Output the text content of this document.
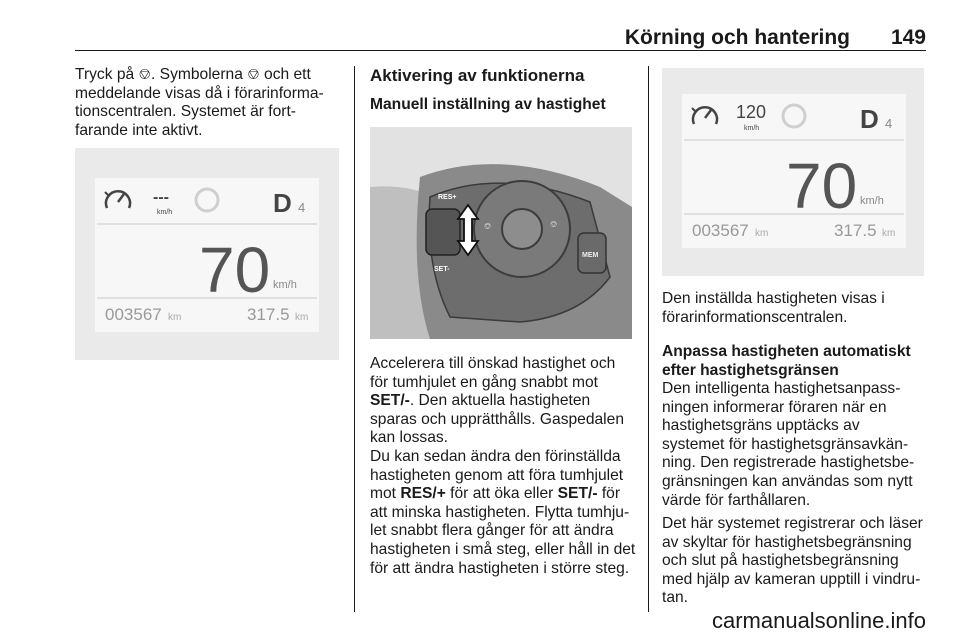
Körning och hantering 149
Tryck på ⎊. Symbolerna ⎊ och ett
meddelande visas då i förarinforma-
tionscentralen. Systemet är fort-
farande inte aktivt.
---
km/h	D 4
70 km/h
003567 km	317.5 km
Aktivering av funktionerna
Manuell inställning av hastighet
RES+
SET-
MEM
⎊	⎊
Accelerera till önskad hastighet och
för tumhjulet en gång snabbt mot
SET/-. Den aktuella hastigheten
sparas och upprätthålls. Gaspedalen
kan lossas.
Du kan sedan ändra den förinställda
hastigheten genom att föra tumhjulet
mot RES/+ för att öka eller SET/- för
att minska hastigheten. Flytta tumhju-
let snabbt flera gånger för att ändra
hastigheten i små steg, eller håll in det
för att ändra hastigheten i större steg.
120
km/h	D 4
70 km/h
003567 km	317.5 km
Den inställda hastigheten visas i
förarinformationscentralen.
Anpassa hastigheten automatiskt
efter hastighetsgränsen
Den intelligenta hastighetsanpass-
ningen informerar föraren när en
hastighetsgräns upptäcks av
systemet för hastighetsgränsavkän-
ning. Den registrerade hastighetsbe-
gränsningen kan användas som nytt
värde för farthållaren.
Det här systemet registrerar och läser
av skyltar för hastighetsbegränsning
och slut på hastighetsbegränsning
med hjälp av kameran upptill i vindru-
tan.
carmanualsonline.info
